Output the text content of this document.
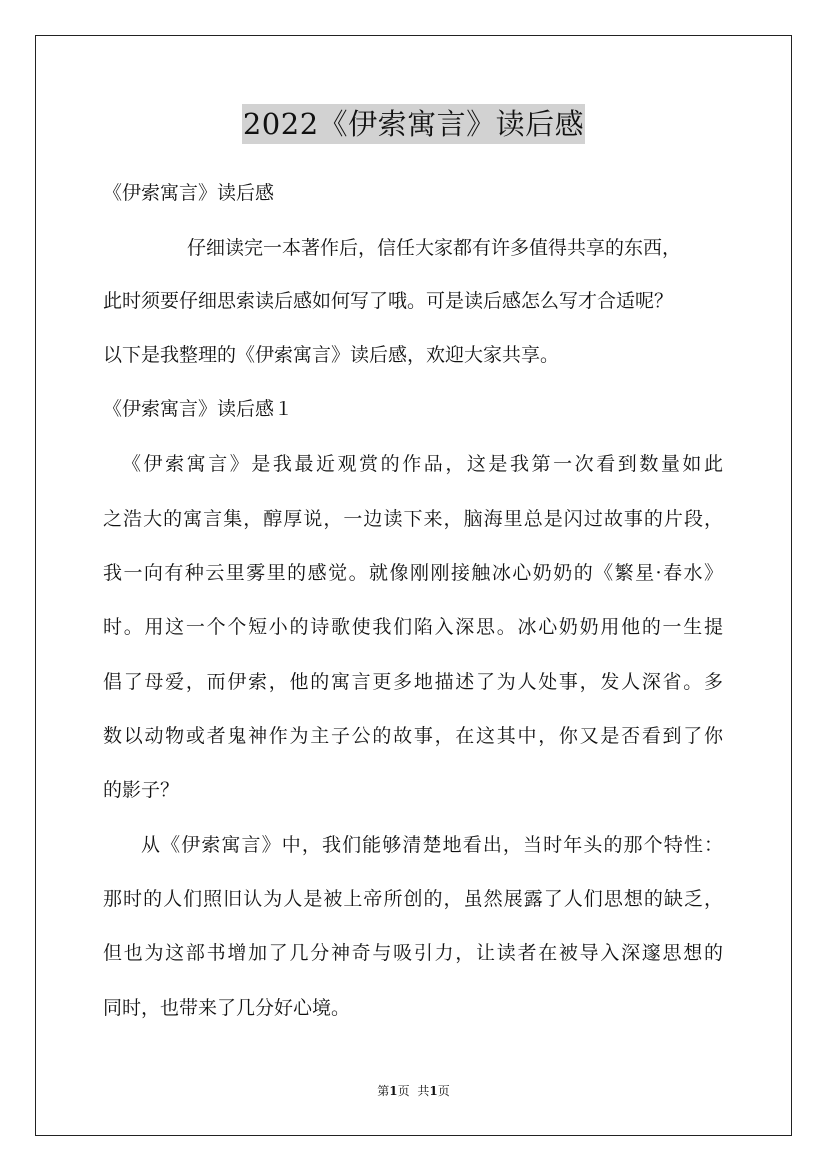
2022《伊索寓言》读后感
《伊索寓言》读后感
仔细读完一本著作后，信任大家都有许多值得共享的东西，
此时须要仔细思索读后感如何写了哦。可是读后感怎么写才合适呢？
以下是我整理的《伊索寓言》读后感，欢迎大家共享。
《伊索寓言》读后感１
《伊索寓言》是我最近观赏的作品，这是我第一次看到数量如此
之浩大的寓言集，醇厚说，一边读下来，脑海里总是闪过故事的片段，
我一向有种云里雾里的感觉。就像刚刚接触冰心奶奶的《繁星·春水》
时。用这一个个短小的诗歌使我们陷入深思。冰心奶奶用他的一生提
倡了母爱，而伊索，他的寓言更多地描述了为人处事，发人深省。多
数以动物或者鬼神作为主子公的故事，在这其中，你又是否看到了你
的影子？
从《伊索寓言》中，我们能够清楚地看出，当时年头的那个特性：
那时的人们照旧认为人是被上帝所创的，虽然展露了人们思想的缺乏，
但也为这部书增加了几分神奇与吸引力，让读者在被导入深邃思想的
同时，也带来了几分好心境。
第1页 共1页
